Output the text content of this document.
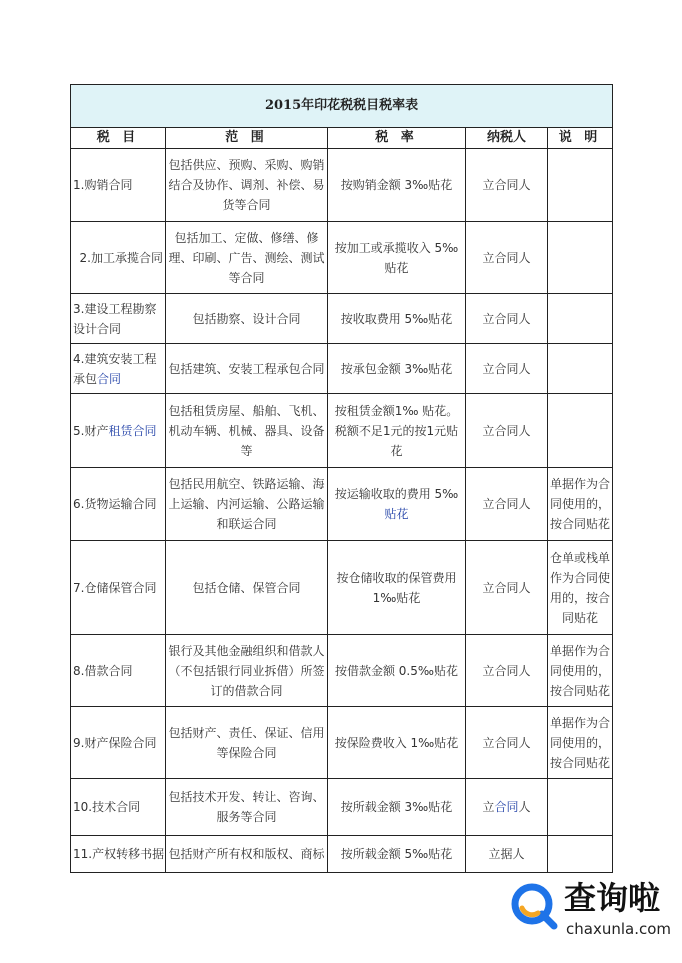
2015年印花税税目税率表				
税 目	范 围	税 率	纳税人	说 明
1.购销合同	包括供应、预购、采购、购销结合及协作、调剂、补偿、易货等合同	按购销金额 3‰贴花	立合同人	
2.加工承揽合同	包括加工、定做、修缮、修理、印刷、广告、测绘、测试等合同	按加工或承揽收入 5‰贴花	立合同人	
3.建设工程勘察设计合同	包括勘察、设计合同	按收取费用 5‰贴花	立合同人	
4.建筑安装工程承包合同	包括建筑、安装工程承包合同	按承包金额 3‰贴花	立合同人	
5.财产租赁合同	包括租赁房屋、船舶、飞机、机动车辆、机械、器具、设备等	按租赁金额1‰ 贴花。税额不足1元的按1元贴花	立合同人	
6.货物运输合同	包括民用航空、铁路运输、海上运输、内河运输、公路运输和联运合同	按运输收取的费用 5‰贴花	立合同人	单据作为合同使用的，按合同贴花
7.仓储保管合同	包括仓储、保管合同	按仓储收取的保管费用1‰贴花	立合同人	仓单或栈单作为合同使用的，按合同贴花
8.借款合同	银行及其他金融组织和借款人（不包括银行同业拆借）所签订的借款合同	按借款金额 0.5‰贴花	立合同人	单据作为合同使用的，按合同贴花
9.财产保险合同	包括财产、责任、保证、信用等保险合同	按保险费收入 1‰贴花	立合同人	单据作为合同使用的，按合同贴花
10.技术合同	包括技术开发、转让、咨询、服务等合同	按所载金额 3‰贴花	立合同人	
11.产权转移书据	包括财产所有权和版权、商标	按所载金额 5‰贴花	立据人	
查询啦
chaxunla.com
